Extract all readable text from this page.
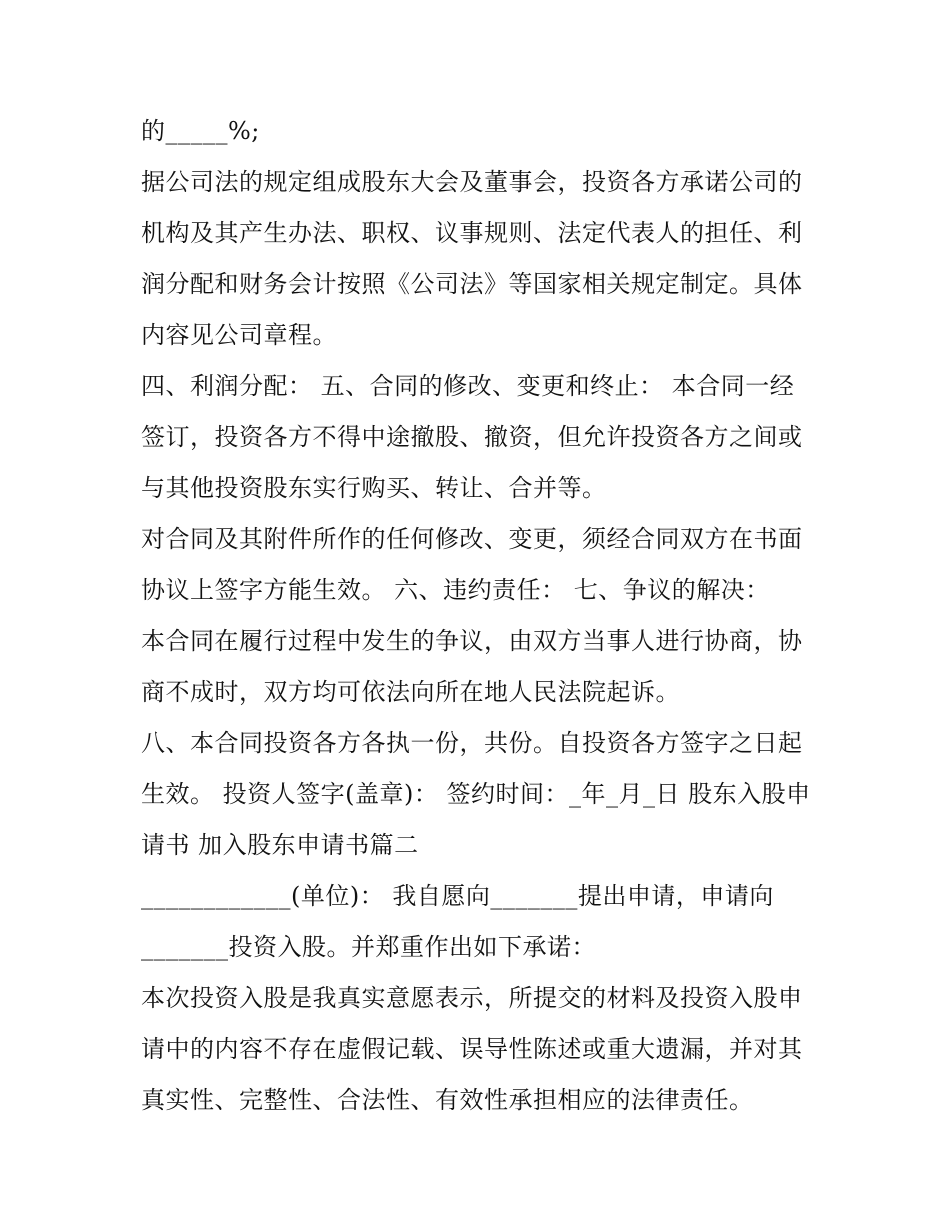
的_____%;
据公司法的规定组成股东大会及董事会，投资各方承诺公司的
机构及其产生办法、职权、议事规则、法定代表人的担任、利
润分配和财务会计按照《公司法》等国家相关规定制定。具体
内容见公司章程。
四、利润分配： 五、合同的修改、变更和终止： 本合同一经
签订，投资各方不得中途撤股、撤资，但允许投资各方之间或
与其他投资股东实行购买、转让、合并等。
对合同及其附件所作的任何修改、变更，须经合同双方在书面
协议上签字方能生效。 六、违约责任： 七、争议的解决：
本合同在履行过程中发生的争议，由双方当事人进行协商，协
商不成时，双方均可依法向所在地人民法院起诉。
八、本合同投资各方各执一份，共份。自投资各方签字之日起
生效。 投资人签字(盖章)： 签约时间：_年_月_日 股东入股申
请书 加入股东申请书篇二
____________(单位)： 我自愿向_______提出申请，申请向
_______投资入股。并郑重作出如下承诺：
本次投资入股是我真实意愿表示，所提交的材料及投资入股申
请中的内容不存在虚假记载、误导性陈述或重大遗漏，并对其
真实性、完整性、合法性、有效性承担相应的法律责任。
